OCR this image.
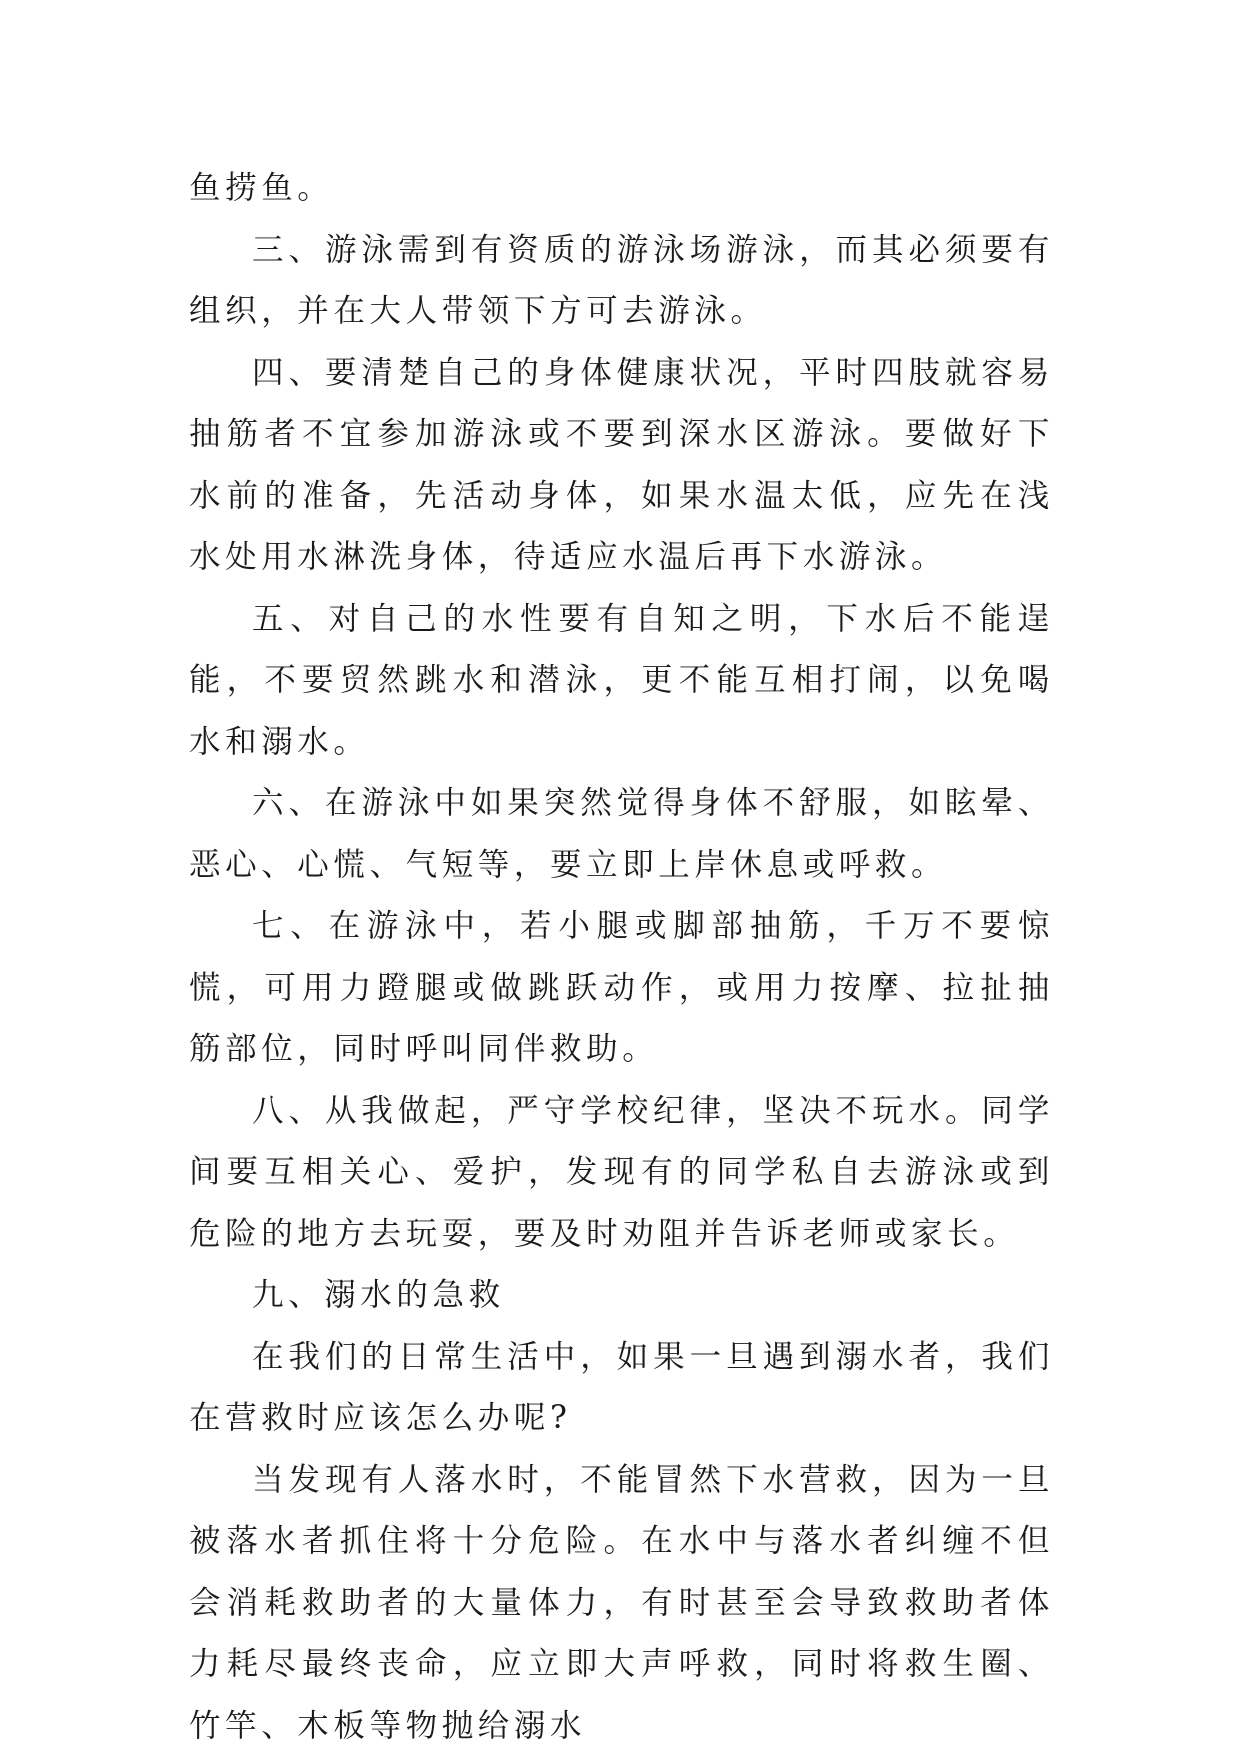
鱼捞鱼。

三、游泳需到有资质的游泳场游泳，而其必须要有组织，并在大人带领下方可去游泳。

四、要清楚自己的身体健康状况，平时四肢就容易抽筋者不宜参加游泳或不要到深水区游泳。要做好下水前的准备，先活动身体，如果水温太低，应先在浅水处用水淋洗身体，待适应水温后再下水游泳。

五、对自己的水性要有自知之明，下水后不能逞能，不要贸然跳水和潜泳，更不能互相打闹，以免喝水和溺水。

六、在游泳中如果突然觉得身体不舒服，如眩晕、恶心、心慌、气短等，要立即上岸休息或呼救。

七、在游泳中，若小腿或脚部抽筋，千万不要惊慌，可用力蹬腿或做跳跃动作，或用力按摩、拉扯抽筋部位，同时呼叫同伴救助。

八、从我做起，严守学校纪律，坚决不玩水。同学间要互相关心、爱护，发现有的同学私自去游泳或到危险的地方去玩耍，要及时劝阻并告诉老师或家长。

九、溺水的急救

在我们的日常生活中，如果一旦遇到溺水者，我们在营救时应该怎么办呢?

当发现有人落水时，不能冒然下水营救，因为一旦被落水者抓住将十分危险。在水中与落水者纠缠不但会消耗救助者的大量体力，有时甚至会导致救助者体力耗尽最终丧命，应立即大声呼救，同时将救生圈、竹竿、木板等物抛给溺水
